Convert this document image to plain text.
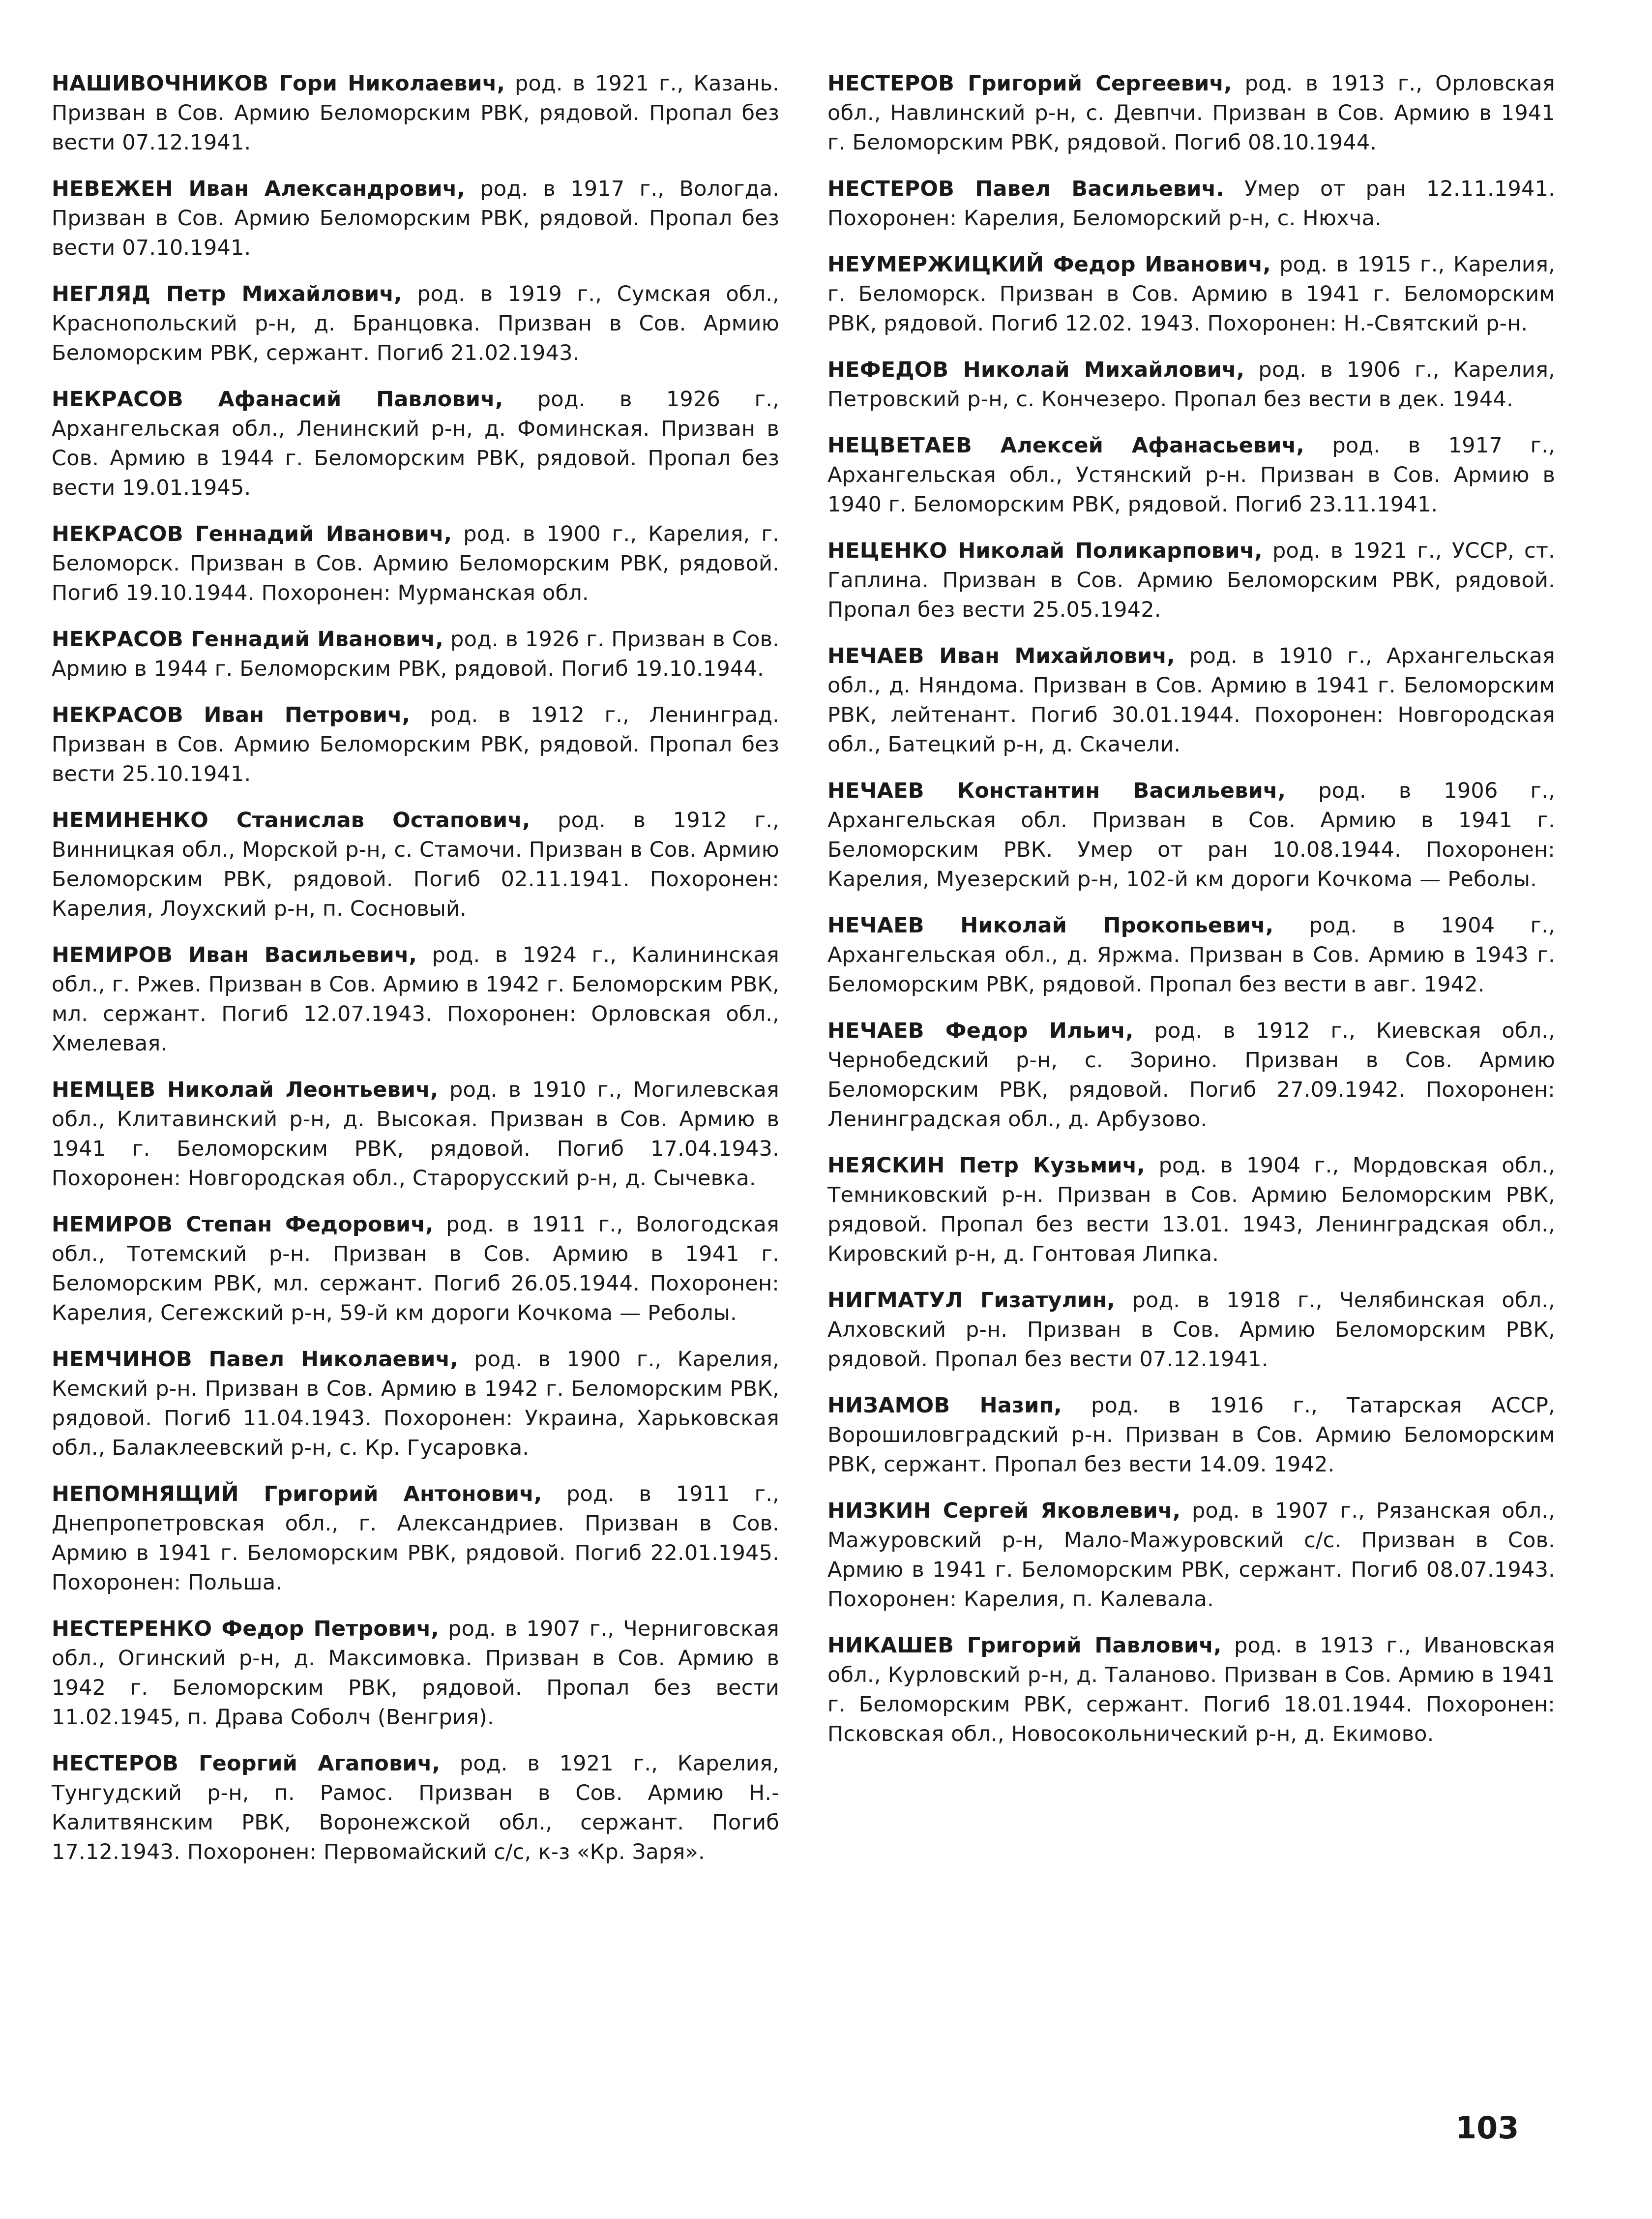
НАШИВОЧНИКОВ Гори Николаевич, род. в 1921 г., Казань. Призван в Сов. Армию Беломорским РВК, рядовой. Пропал без вести 07.12.1941.

НЕВЕЖЕН Иван Александрович, род. в 1917 г., Вологда. Призван в Сов. Армию Беломорским РВК, рядовой. Пропал без вести 07.10.1941.

НЕГЛЯД Петр Михайлович, род. в 1919 г., Сумская обл., Краснопольский р-н, д. Бранцовка. Призван в Сов. Армию Беломорским РВК, сержант. Погиб 21.02.1943.

НЕКРАСОВ Афанасий Павлович, род. в 1926 г., Архангельская обл., Ленинский р-н, д. Фоминская. Призван в Сов. Армию в 1944 г. Беломорским РВК, рядовой. Пропал без вести 19.01.1945.

НЕКРАСОВ Геннадий Иванович, род. в 1900 г., Карелия, г. Беломорск. Призван в Сов. Армию Беломорским РВК, рядовой. Погиб 19.10.1944. Похоронен: Мурманская обл.

НЕКРАСОВ Геннадий Иванович, род. в 1926 г. Призван в Сов. Армию в 1944 г. Беломорским РВК, рядовой. Погиб 19.10.1944.

НЕКРАСОВ Иван Петрович, род. в 1912 г., Ленинград. Призван в Сов. Армию Беломорским РВК, рядовой. Пропал без вести 25.10.1941.

НЕМИНЕНКО Станислав Остапович, род. в 1912 г., Винницкая обл., Морской р-н, с. Стамочи. Призван в Сов. Армию Беломорским РВК, рядовой. Погиб 02.11.1941. Похоронен: Карелия, Лоухский р-н, п. Сосновый.

НЕМИРОВ Иван Васильевич, род. в 1924 г., Калининская обл., г. Ржев. Призван в Сов. Армию в 1942 г. Беломорским РВК, мл. сержант. Погиб 12.07.1943. Похоронен: Орловская обл., Хмелевая.

НЕМЦЕВ Николай Леонтьевич, род. в 1910 г., Могилевская обл., Клитавинский р-н, д. Высокая. Призван в Сов. Армию в 1941 г. Беломорским РВК, рядовой. Погиб 17.04.1943. Похоронен: Новгородская обл., Старорусский р-н, д. Сычевка.

НЕМИРОВ Степан Федорович, род. в 1911 г., Вологодская обл., Тотемский р-н. Призван в Сов. Армию в 1941 г. Беломорским РВК, мл. сержант. Погиб 26.05.1944. Похоронен: Карелия, Сегежский р-н, 59-й км дороги Кочкома — Реболы.

НЕМЧИНОВ Павел Николаевич, род. в 1900 г., Карелия, Кемский р-н. Призван в Сов. Армию в 1942 г. Беломорским РВК, рядовой. Погиб 11.04.1943. Похоронен: Украина, Харьковская обл., Балаклеевский р-н, с. Кр. Гусаровка.

НЕПОМНЯЩИЙ Григорий Антонович, род. в 1911 г., Днепропетровская обл., г. Александриев. Призван в Сов. Армию в 1941 г. Беломорским РВК, рядовой. Погиб 22.01.1945. Похоронен: Польша.

НЕСТЕРЕНКО Федор Петрович, род. в 1907 г., Черниговская обл., Огинский р-н, д. Максимовка. Призван в Сов. Армию в 1942 г. Беломорским РВК, рядовой. Пропал без вести 11.02.1945, п. Драва Соболч (Венгрия).

НЕСТЕРОВ Георгий Агапович, род. в 1921 г., Карелия, Тунгудский р-н, п. Рамос. Призван в Сов. Армию Н.-Калитвянским РВК, Воронежской обл., сержант. Погиб 17.12.1943. Похоронен: Первомайский с/с, к-з «Кр. Заря».

НЕСТЕРОВ Григорий Сергеевич, род. в 1913 г., Орловская обл., Навлинский р-н, с. Девпчи. Призван в Сов. Армию в 1941 г. Беломорским РВК, рядовой. Погиб 08.10.1944.

НЕСТЕРОВ Павел Васильевич. Умер от ран 12.11.1941. Похоронен: Карелия, Беломорский р-н, с. Нюхча.

НЕУМЕРЖИЦКИЙ Федор Иванович, род. в 1915 г., Карелия, г. Беломорск. Призван в Сов. Армию в 1941 г. Беломорским РВК, рядовой. Погиб 12.02. 1943. Похоронен: Н.-Святский р-н.

НЕФЕДОВ Николай Михайлович, род. в 1906 г., Карелия, Петровский р-н, с. Кончезеро. Пропал без вести в дек. 1944.

НЕЦВЕТАЕВ Алексей Афанасьевич, род. в 1917 г., Архангельская обл., Устянский р-н. Призван в Сов. Армию в 1940 г. Беломорским РВК, рядовой. Погиб 23.11.1941.

НЕЦЕНКО Николай Поликарпович, род. в 1921 г., УССР, ст. Гаплина. Призван в Сов. Армию Беломорским РВК, рядовой. Пропал без вести 25.05.1942.

НЕЧАЕВ Иван Михайлович, род. в 1910 г., Архангельская обл., д. Няндома. Призван в Сов. Армию в 1941 г. Беломорским РВК, лейтенант. Погиб 30.01.1944. Похоронен: Новгородская обл., Батецкий р-н, д. Скачели.

НЕЧАЕВ Константин Васильевич, род. в 1906 г., Архангельская обл. Призван в Сов. Армию в 1941 г. Беломорским РВК. Умер от ран 10.08.1944. Похоронен: Карелия, Муезерский р-н, 102-й км дороги Кочкома — Реболы.

НЕЧАЕВ Николай Прокопьевич, род. в 1904 г., Архангельская обл., д. Яржма. Призван в Сов. Армию в 1943 г. Беломорским РВК, рядовой. Пропал без вести в авг. 1942.

НЕЧАЕВ Федор Ильич, род. в 1912 г., Киевская обл., Чернобедский р-н, с. Зорино. Призван в Сов. Армию Беломорским РВК, рядовой. Погиб 27.09.1942. Похоронен: Ленинградская обл., д. Арбузово.

НЕЯСКИН Петр Кузьмич, род. в 1904 г., Мордовская обл., Темниковский р-н. Призван в Сов. Армию Беломорским РВК, рядовой. Пропал без вести 13.01. 1943, Ленинградская обл., Кировский р-н, д. Гонтовая Липка.

НИГМАТУЛ Гизатулин, род. в 1918 г., Челябинская обл., Алховский р-н. Призван в Сов. Армию Беломорским РВК, рядовой. Пропал без вести 07.12.1941.

НИЗАМОВ Назип, род. в 1916 г., Татарская АССР, Ворошиловградский р-н. Призван в Сов. Армию Беломорским РВК, сержант. Пропал без вести 14.09. 1942.

НИЗКИН Сергей Яковлевич, род. в 1907 г., Рязанская обл., Мажуровский р-н, Мало-Мажуровский с/с. Призван в Сов. Армию в 1941 г. Беломорским РВК, сержант. Погиб 08.07.1943. Похоронен: Карелия, п. Калевала.

НИКАШЕВ Григорий Павлович, род. в 1913 г., Ивановская обл., Курловский р-н, д. Таланово. Призван в Сов. Армию в 1941 г. Беломорским РВК, сержант. Погиб 18.01.1944. Похоронен: Псковская обл., Новосокольнический р-н, д. Екимово.

103
